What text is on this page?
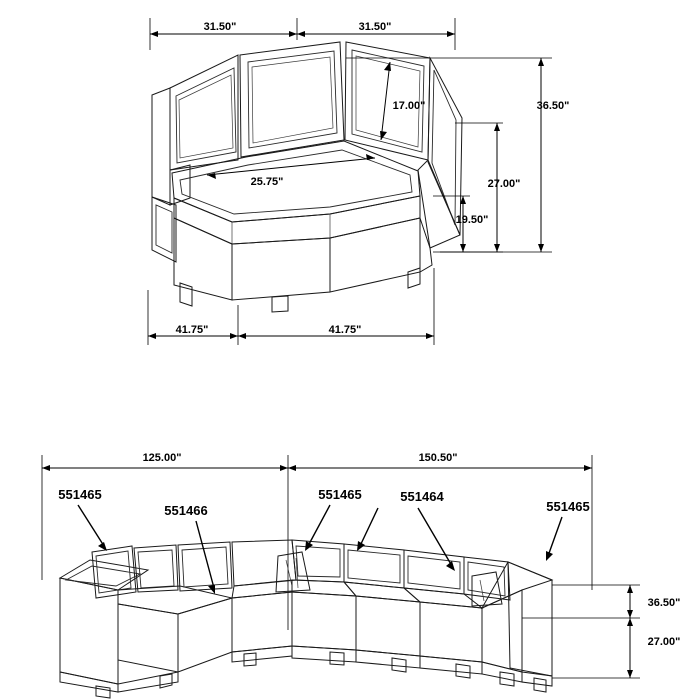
31.50"	31.50"
17.00"	36.50"
25.75"	27.00"
19.50"
41.75"	41.75"
125.00"	150.50"
36.50"
27.00"
551465
551466
551465	551464
551465
